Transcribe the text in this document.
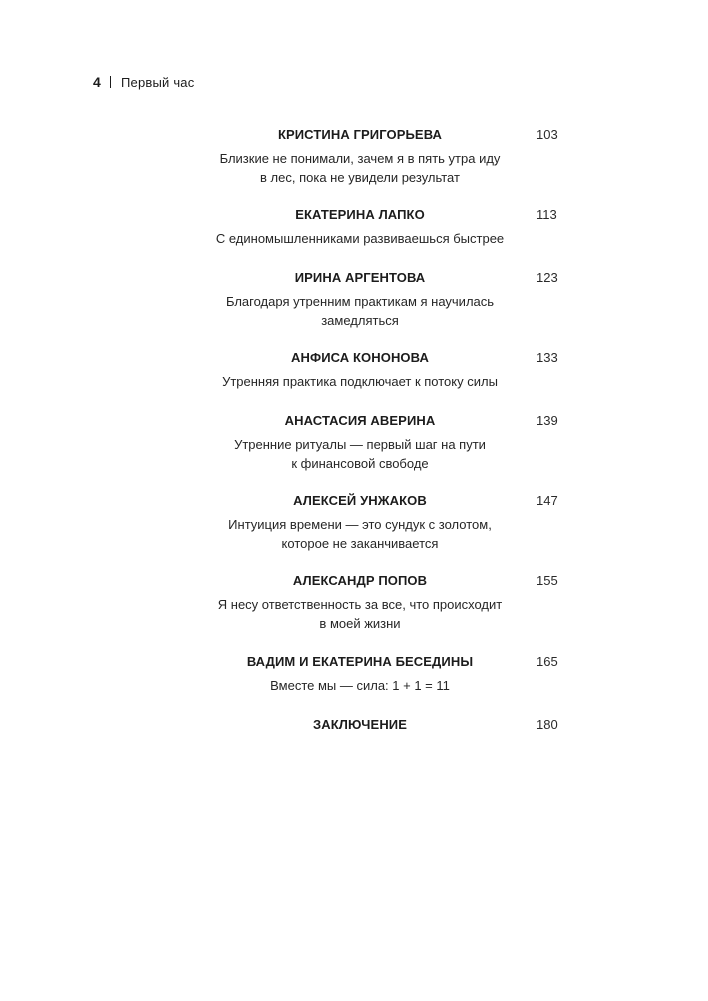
4 Первый час
КРИСТИНА ГРИГОРЬЕВА
Близкие не понимали, зачем я в пять утра иду
в лес, пока не увидели результат
103
ЕКАТЕРИНА ЛАПКО
С единомышленниками развиваешься быстрее
113
ИРИНА АРГЕНТОВА
Благодаря утренним практикам я научилась
замедляться
123
АНФИСА КОНОНОВА
Утренняя практика подключает к потоку силы
133
АНАСТАСИЯ АВЕРИНА
Утренние ритуалы — первый шаг на пути
к финансовой свободе
139
АЛЕКСЕЙ УНЖАКОВ
Интуиция времени — это сундук с золотом,
которое не заканчивается
147
АЛЕКСАНДР ПОПОВ
Я несу ответственность за все, что происходит
в моей жизни
155
ВАДИМ И ЕКАТЕРИНА БЕСЕДИНЫ
Вместе мы — сила: 1 + 1 = 11
165
ЗАКЛЮЧЕНИЕ	180
